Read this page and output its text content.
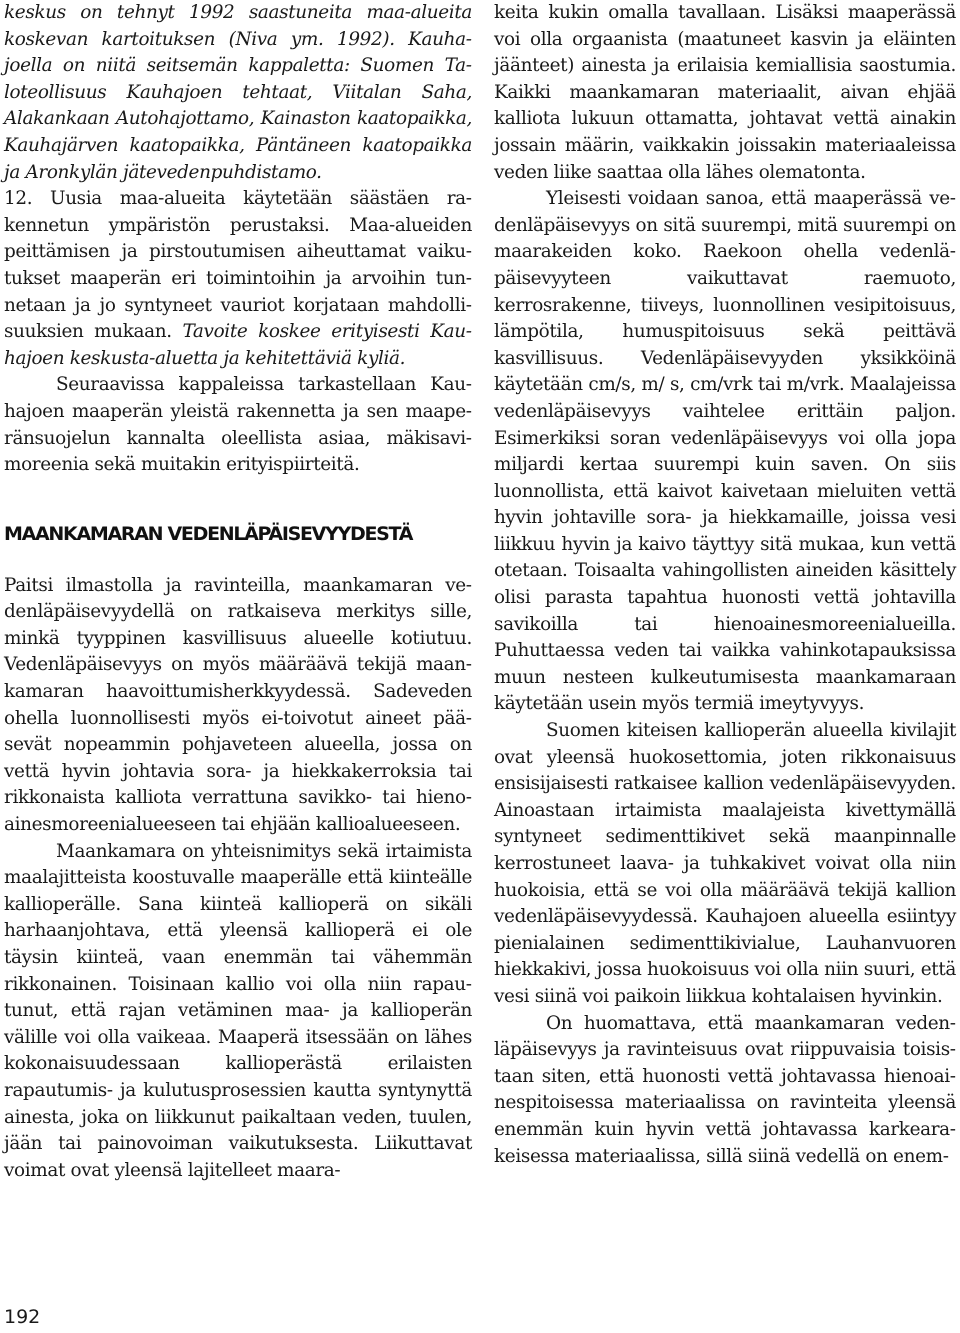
keskus on tehnyt 1992 saastuneita maa-alueita koskevan kartoituksen (Niva ym. 1992). Kauhajoella on niitä seitsemän kappaletta: Suomen Taloteollisuus Kauhajoen tehtaat, Viitalan Saha, Alakankaan Autohajottamo, Kainaston kaatopaikka, Kauhajärven kaatopaikka, Päntäneen kaatopaikka ja Aronkylän jätevedenpuhdistamo.

12. Uusia maa-alueita käytetään säästäen rakennetun ympäristön perustaksi. Maa-alueiden peittämisen ja pirstoutumisen aiheuttamat vaikutukset maaperän eri toimintoihin ja arvoihin tunnetaan ja jo syntyneet vauriot korjataan mahdollisuuksien mukaan. Tavoite koskee erityisesti Kauhajoen keskusta-aluetta ja kehitettäviä kyliä.

Seuraavissa kappaleissa tarkastellaan Kauhajoen maaperän yleistä rakennetta ja sen maaperänsuojelun kannalta oleellista asiaa, mäkisavimoreenia sekä muitakin erityispiirteitä.

MAANKAMARAN VEDENLÄPÄISEVYYDESTÄ

Paitsi ilmastolla ja ravinteilla, maankamaran vedenläpäisevyydellä on ratkaiseva merkitys sille, minkä tyyppinen kasvillisuus alueelle kotiutuu. Vedenläpäisevyys on myös määräävä tekijä maankamaran haavoittumisherkkyydessä. Sadeveden ohella luonnollisesti myös ei-toivotut aineet pääsevät nopeammin pohjaveteen alueella, jossa on vettä hyvin johtavia sora- ja hiekkakerroksia tai rikkonaista kalliota verrattuna savikko- tai hienoainesmoreenialueeseen tai ehjään kallioalueeseen.

Maankamara on yhteisnimitys sekä irtaimista maalajitteista koostuvalle maaperälle että kiinteälle kallioperälle. Sana kiinteä kallioperä on sikäli harhaanjohtava, että yleensä kallioperä ei ole täysin kiinteä, vaan enemmän tai vähemmän rikkonainen. Toisinaan kallio voi olla niin rapautunut, että rajan vetäminen maa- ja kallioperän välille voi olla vaikeaa. Maaperä itsessään on lähes kokonaisuudessaan kallioperästä erilaisten rapautumis- ja kulutusprosessien kautta syntynyttä ainesta, joka on liikkunut paikaltaan veden, tuulen, jään tai painovoiman vaikutuksesta. Liikuttavat voimat ovat yleensä lajitelleet maara-

keita kukin omalla tavallaan. Lisäksi maaperässä voi olla orgaanista (maatuneet kasvin ja eläinten jäänteet) ainesta ja erilaisia kemiallisia saostumia. Kaikki maankamaran materiaalit, aivan ehjää kalliota lukuun ottamatta, johtavat vettä ainakin jossain määrin, vaikkakin joissakin materiaaleissa veden liike saattaa olla lähes olematonta.

Yleisesti voidaan sanoa, että maaperässä vedenläpäisevyys on sitä suurempi, mitä suurempi on maarakeiden koko. Raekoon ohella vedenläpäisevyyteen vaikuttavat raemuoto, kerrosrakenne, tiiveys, luonnollinen vesipitoisuus, lämpötila, humuspitoisuus sekä peittävä kasvillisuus. Vedenläpäisevyyden yksikköinä käytetään cm/s, m/ s, cm/vrk tai m/vrk. Maalajeissa vedenläpäisevyys vaihtelee erittäin paljon. Esimerkiksi soran vedenläpäisevyys voi olla jopa miljardi kertaa suurempi kuin saven. On siis luonnollista, että kaivot kaivetaan mieluiten vettä hyvin johtaville sora- ja hiekkamaille, joissa vesi liikkuu hyvin ja kaivo täyttyy sitä mukaa, kun vettä otetaan. Toisaalta vahingollisten aineiden käsittely olisi parasta tapahtua huonosti vettä johtavilla savikoilla tai hienoainesmoreenialueilla. Puhuttaessa veden tai vaikka vahinkotapauksissa muun nesteen kulkeutumisesta maankamaraan käytetään usein myös termiä imeytyvyys.

Suomen kiteisen kallioperän alueella kivilajit ovat yleensä huokosettomia, joten rikkonaisuus ensisijaisesti ratkaisee kallion vedenläpäisevyyden. Ainoastaan irtaimista maalajeista kivettymällä syntyneet sedimenttikivet sekä maanpinnalle kerrostuneet laava- ja tuhkakivet voivat olla niin huokoisia, että se voi olla määräävä tekijä kallion vedenläpäisevyydessä. Kauhajoen alueella esiintyy pienialainen sedimenttikivialue, Lauhanvuoren hiekkakivi, jossa huokoisuus voi olla niin suuri, että vesi siinä voi paikoin liikkua kohtalaisen hyvinkin.

On huomattava, että maankamaran vedenläpäisevyys ja ravinteisuus ovat riippuvaisia toisistaan siten, että huonosti vettä johtavassa hienoainespitoisessa materiaalissa on ravinteita yleensä enemmän kuin hyvin vettä johtavassa karkearakeisessa materiaalissa, sillä siinä vedellä on enem-

192
